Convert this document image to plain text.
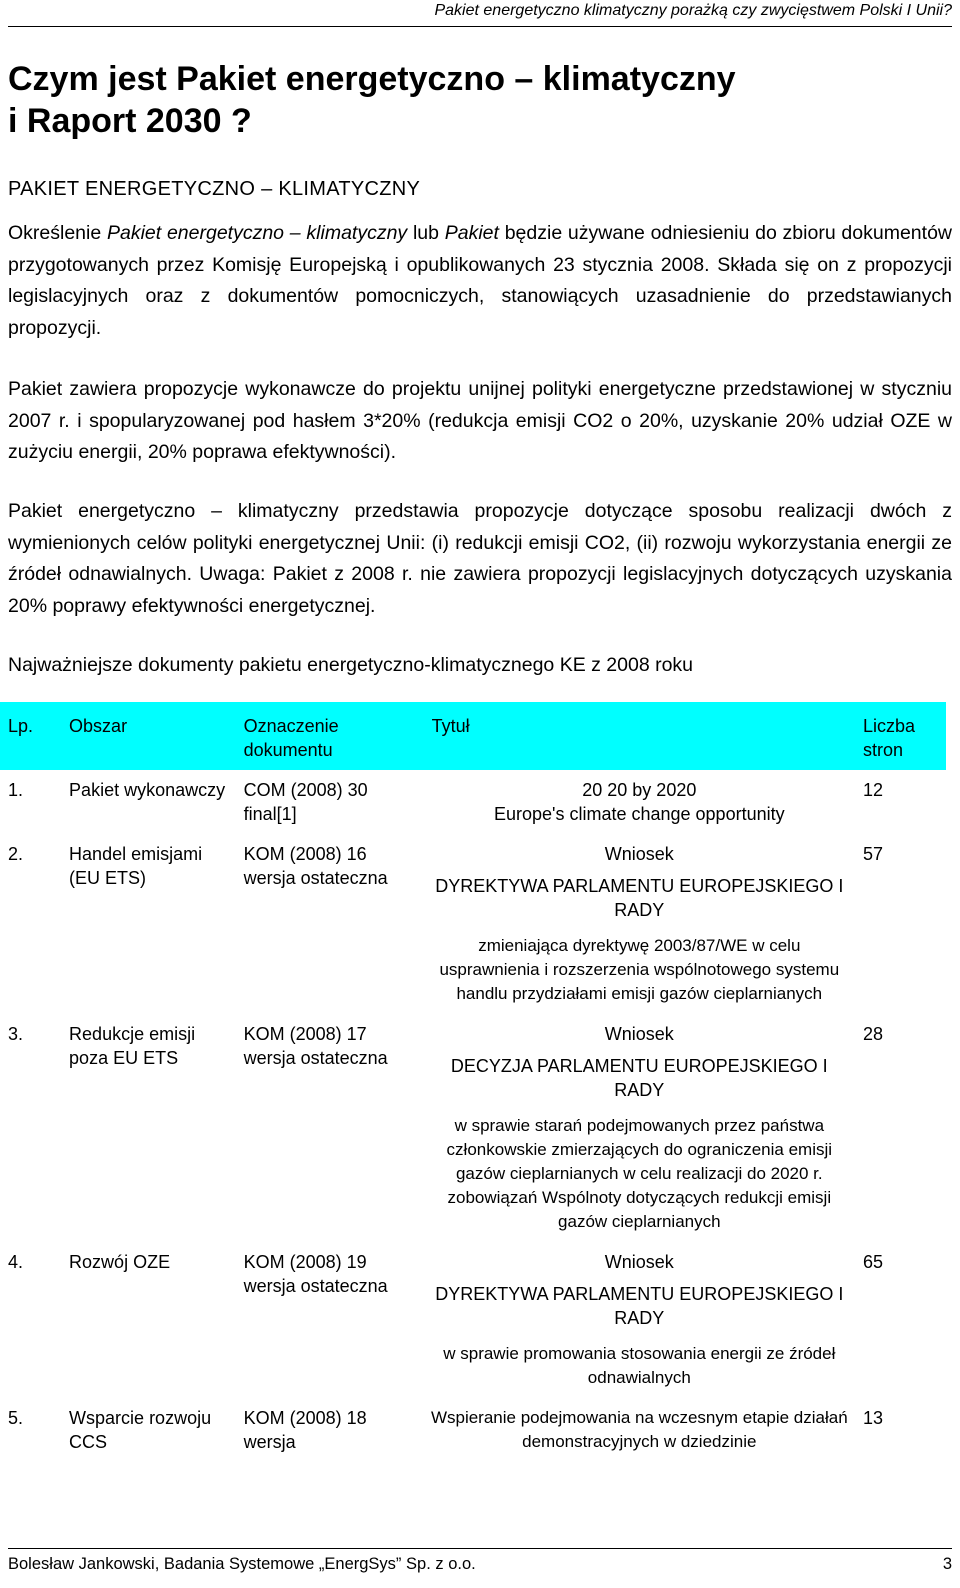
Pakiet energetyczno klimatyczny porażką czy zwycięstwem Polski I Unii?
Czym jest Pakiet energetyczno – klimatyczny
i Raport 2030 ?

PAKIET ENERGETYCZNO – KLIMATYCZNY

Określenie Pakiet energetyczno – klimatyczny lub Pakiet będzie używane odniesieniu do zbioru dokumentów przygotowanych przez Komisję Europejską i opublikowanych 23 stycznia 2008. Składa się on z propozycji legislacyjnych oraz z dokumentów pomocniczych, stanowiących uzasadnienie do przedstawianych propozycji.

Pakiet zawiera propozycje wykonawcze do projektu unijnej polityki energetyczne przedstawionej w styczniu 2007 r. i spopularyzowanej pod hasłem 3*20% (redukcja emisji CO2 o 20%, uzyskanie 20% udział OZE w zużyciu energii, 20% poprawa efektywności).

Pakiet energetyczno – klimatyczny przedstawia propozycje dotyczące sposobu realizacji dwóch z wymienionych celów polityki energetycznej Unii: (i) redukcji emisji CO2, (ii) rozwoju wykorzystania energii ze źródeł odnawialnych. Uwaga: Pakiet z 2008 r. nie zawiera propozycji legislacyjnych dotyczących uzyskania 20% poprawy efektywności energetycznej.

Najważniejsze dokumenty pakietu energetyczno-klimatycznego KE z 2008 roku

Lp.	Obszar	Oznaczenie dokumentu	Tytuł	Liczba stron
1.	Pakiet wykonawczy	COM (2008) 30 final[1]	20 20 by 2020
Europe's climate change opportunity	12
2.	Handel emisjami (EU ETS)	KOM (2008) 16 wersja ostateczna	Wniosek
DYREKTYWA PARLAMENTU EUROPEJSKIEGO I RADY
zmieniająca dyrektywę 2003/87/WE w celu usprawnienia i rozszerzenia wspólnotowego systemu handlu przydziałami emisji gazów cieplarnianych	57
3.	Redukcje emisji poza EU ETS	KOM (2008) 17 wersja ostateczna	Wniosek
DECYZJA PARLAMENTU EUROPEJSKIEGO I RADY
w sprawie starań podejmowanych przez państwa członkowskie zmierzających do ograniczenia emisji gazów cieplarnianych w celu realizacji do 2020 r. zobowiązań Wspólnoty dotyczących redukcji emisji gazów cieplarnianych	28
4.	Rozwój OZE	KOM (2008) 19 wersja ostateczna	Wniosek
DYREKTYWA PARLAMENTU EUROPEJSKIEGO I RADY
w sprawie promowania stosowania energii ze źródeł odnawialnych	65
5.	Wsparcie rozwoju CCS	KOM (2008) 18 wersja	Wspieranie podejmowania na wczesnym etapie działań demonstracyjnych w dziedzinie	13
Bolesław Jankowski, Badania Systemowe „EnergSys” Sp. z o.o.	3
